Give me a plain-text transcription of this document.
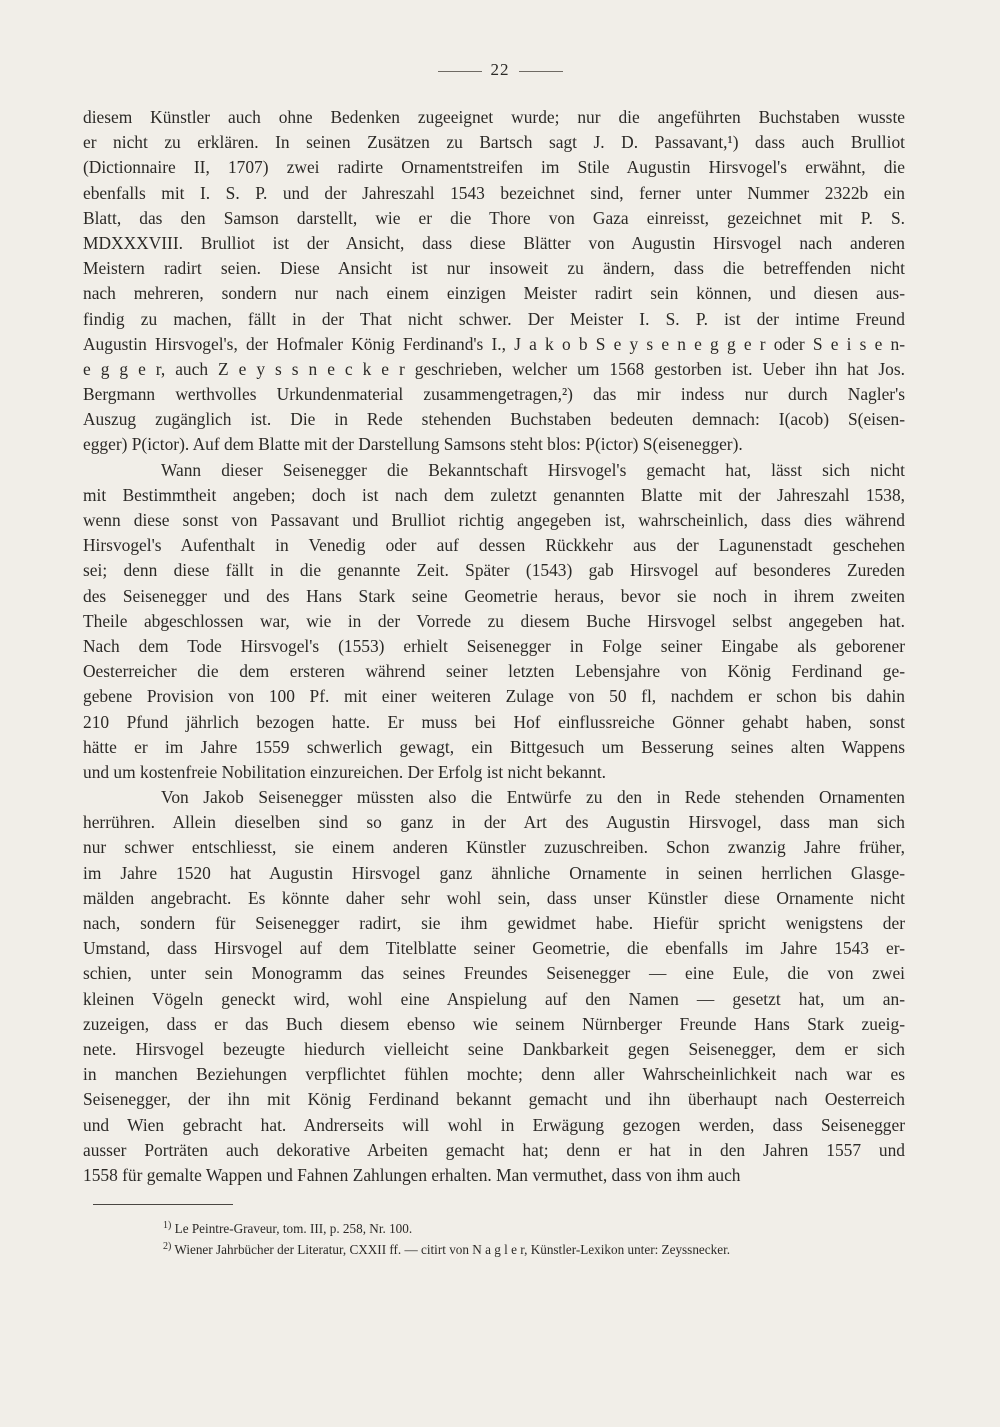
22
diesem Künstler auch ohne Bedenken zugeeignet wurde; nur die angeführten Buchstaben wusste
er nicht zu erklären. In seinen Zusätzen zu Bartsch sagt J. D. Passavant,¹) dass auch Brulliot
(Dictionnaire II, 1707) zwei radirte Ornamentstreifen im Stile Augustin Hirsvogel's erwähnt, die
ebenfalls mit I. S. P. und der Jahreszahl 1543 bezeichnet sind, ferner unter Nummer 2322b ein
Blatt, das den Samson darstellt, wie er die Thore von Gaza einreisst, gezeichnet mit P. S.
MDXXXVIII. Brulliot ist der Ansicht, dass diese Blätter von Augustin Hirsvogel nach anderen
Meistern radirt seien. Diese Ansicht ist nur insoweit zu ändern, dass die betreffenden nicht
nach mehreren, sondern nur nach einem einzigen Meister radirt sein können, und diesen aus-
findig zu machen, fällt in der That nicht schwer. Der Meister I. S. P. ist der intime Freund
Augustin Hirsvogel's, der Hofmaler König Ferdinand's I., J a k o b S e y s e n e g g e r oder S e i s e n-
e g g e r, auch Z e y s s n e c k e r geschrieben, welcher um 1568 gestorben ist. Ueber ihn hat Jos.
Bergmann werthvolles Urkundenmaterial zusammengetragen,²) das mir indess nur durch Nagler's
Auszug zugänglich ist. Die in Rede stehenden Buchstaben bedeuten demnach: I(acob) S(eisen-
egger) P(ictor). Auf dem Blatte mit der Darstellung Samsons steht blos: P(ictor) S(eisenegger).
Wann dieser Seisenegger die Bekanntschaft Hirsvogel's gemacht hat, lässt sich nicht
mit Bestimmtheit angeben; doch ist nach dem zuletzt genannten Blatte mit der Jahreszahl 1538,
wenn diese sonst von Passavant und Brulliot richtig angegeben ist, wahrscheinlich, dass dies während
Hirsvogel's Aufenthalt in Venedig oder auf dessen Rückkehr aus der Lagunenstadt geschehen
sei; denn diese fällt in die genannte Zeit. Später (1543) gab Hirsvogel auf besonderes Zureden
des Seisenegger und des Hans Stark seine Geometrie heraus, bevor sie noch in ihrem zweiten
Theile abgeschlossen war, wie in der Vorrede zu diesem Buche Hirsvogel selbst angegeben hat.
Nach dem Tode Hirsvogel's (1553) erhielt Seisenegger in Folge seiner Eingabe als geborener
Oesterreicher die dem ersteren während seiner letzten Lebensjahre von König Ferdinand ge-
gebene Provision von 100 Pf. mit einer weiteren Zulage von 50 fl, nachdem er schon bis dahin
210 Pfund jährlich bezogen hatte. Er muss bei Hof einflussreiche Gönner gehabt haben, sonst
hätte er im Jahre 1559 schwerlich gewagt, ein Bittgesuch um Besserung seines alten Wappens
und um kostenfreie Nobilitation einzureichen. Der Erfolg ist nicht bekannt.
Von Jakob Seisenegger müssten also die Entwürfe zu den in Rede stehenden Ornamenten
herrühren. Allein dieselben sind so ganz in der Art des Augustin Hirsvogel, dass man sich
nur schwer entschliesst, sie einem anderen Künstler zuzuschreiben. Schon zwanzig Jahre früher,
im Jahre 1520 hat Augustin Hirsvogel ganz ähnliche Ornamente in seinen herrlichen Glasge-
mälden angebracht. Es könnte daher sehr wohl sein, dass unser Künstler diese Ornamente nicht
nach, sondern für Seisenegger radirt, sie ihm gewidmet habe. Hiefür spricht wenigstens der
Umstand, dass Hirsvogel auf dem Titelblatte seiner Geometrie, die ebenfalls im Jahre 1543 er-
schien, unter sein Monogramm das seines Freundes Seisenegger — eine Eule, die von zwei
kleinen Vögeln geneckt wird, wohl eine Anspielung auf den Namen — gesetzt hat, um an-
zuzeigen, dass er das Buch diesem ebenso wie seinem Nürnberger Freunde Hans Stark zueig-
nete. Hirsvogel bezeugte hiedurch vielleicht seine Dankbarkeit gegen Seisenegger, dem er sich
in manchen Beziehungen verpflichtet fühlen mochte; denn aller Wahrscheinlichkeit nach war es
Seisenegger, der ihn mit König Ferdinand bekannt gemacht und ihn überhaupt nach Oesterreich
und Wien gebracht hat. Andrerseits will wohl in Erwägung gezogen werden, dass Seisenegger
ausser Porträten auch dekorative Arbeiten gemacht hat; denn er hat in den Jahren 1557 und
1558 für gemalte Wappen und Fahnen Zahlungen erhalten. Man vermuthet, dass von ihm auch
$^{1)}$ Le Peintre-Graveur, tom. III, p. 258, Nr. 100.
$^{2)}$ Wiener Jahrbücher der Literatur, CXXII ff. — citirt von N a g l e r, Künstler-Lexikon unter: Zeyssnecker.
